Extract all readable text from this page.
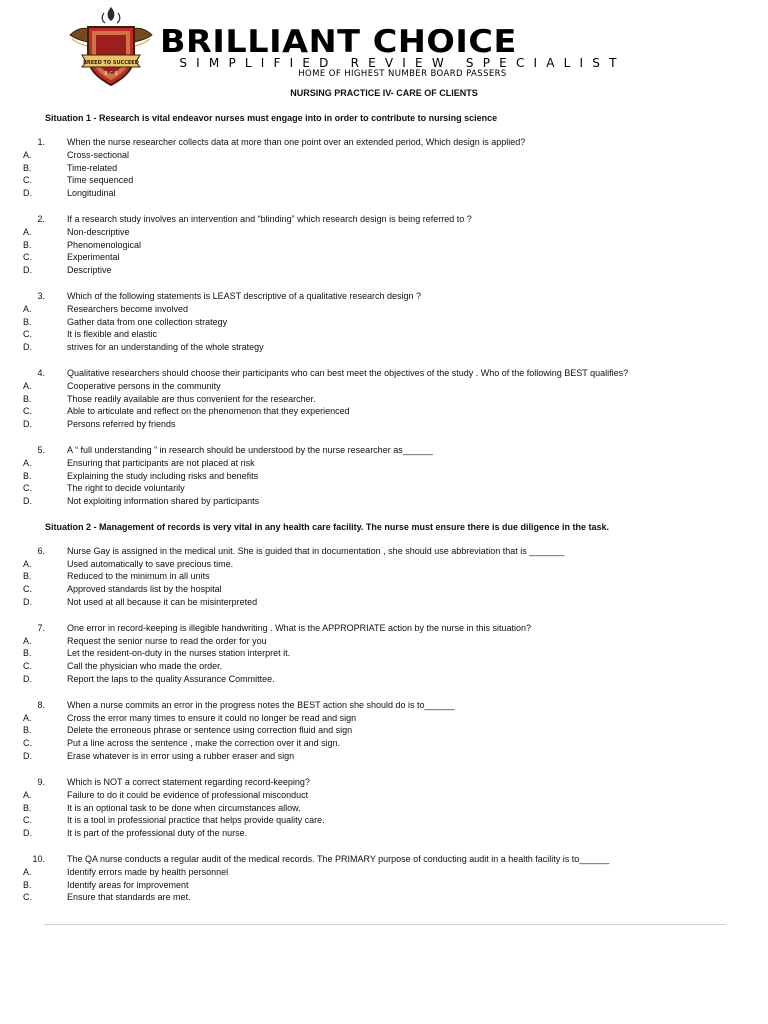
BREED TO SUCCEED
B C S
BRILLIANT CHOICE
SIMPLIFIED REVIEW SPECIALIST
HOME OF HIGHEST NUMBER BOARD PASSERS
NURSING PRACTICE IV- CARE OF CLIENTS
Situation 1 - Research is vital endeavor nurses must engage into in order to contribute to nursing science
1. When the nurse researcher collects data at more than one point over an extended period, Which design is applied?
A.	Cross-sectional
B.	Time-related
C.	Time sequenced
D.	Longitudinal
2. If a research study involves an intervention and “blinding” which research design is being referred to ?
A.	Non-descriptive
B.	Phenomenological
C.	Experimental
D.	Descriptive
3. Which of the following statements is LEAST descriptive of a qualitative research design ?
A.	Researchers become involved
B.	Gather data from one collection strategy
C.	It is flexible and elastic
D.	strives for an understanding of the whole strategy
4. Qualitative researchers should choose their participants who can best meet the objectives of the study . Who of the following BEST qualifies?
A.	Cooperative persons in the community
B.	Those readily available are thus convenient for the researcher.
C.	Able to articulate and reflect on the phenomenon that they experienced
D.	Persons referred by friends
5. A “ full understanding ” in research should be understood by the nurse researcher as______
A.	Ensuring that participants are not placed at risk
B.	Explaining the study including risks and benefits
C.	The right to decide voluntarily
D.	Not exploiting information shared by participants
Situation 2 - Management of records is very vital in any health care facility. The nurse must ensure there is due diligence in the task.
6. Nurse Gay is assigned in the medical unit. She is guided that in documentation , she should use abbreviation that is _______
A.	Used automatically to save precious time.
B.	Reduced to the minimum in all units
C.	Approved standards list by the hospital
D.	Not used at all because it can be misinterpreted
7. One error in record-keeping is illegible handwriting . What is the APPROPRIATE action by the nurse in this situation?
A.	Request the senior nurse to read the order for you
B.	Let the resident-on-duty in the nurses station interpret it.
C.	Call the physician who made the order.
D.	Report the laps to the quality Assurance Committee.
8. When a nurse commits an error in the progress notes the BEST action she should do is to______
A.	Cross the error many times to ensure it could no longer be read and sign
B.	Delete the erroneous phrase or sentence using correction fluid and sign
C.	Put a line across the sentence , make the correction over it and sign.
D.	Erase whatever is in error using a rubber eraser and sign
9. Which is NOT a correct statement regarding record-keeping?
A.	Failure to do it could be evidence of professional misconduct
B.	It is an optional task to be done when circumstances allow.
C.	It is a tool in professional practice that helps provide quality care.
D.	It is part of the professional duty of the nurse.
10. The QA nurse conducts a regular audit of the medical records. The PRIMARY purpose of conducting audit in a health facility is to______
A.	Identify errors made by health personnel
B.	Identify areas for improvement
C.	Ensure that standards are met.
